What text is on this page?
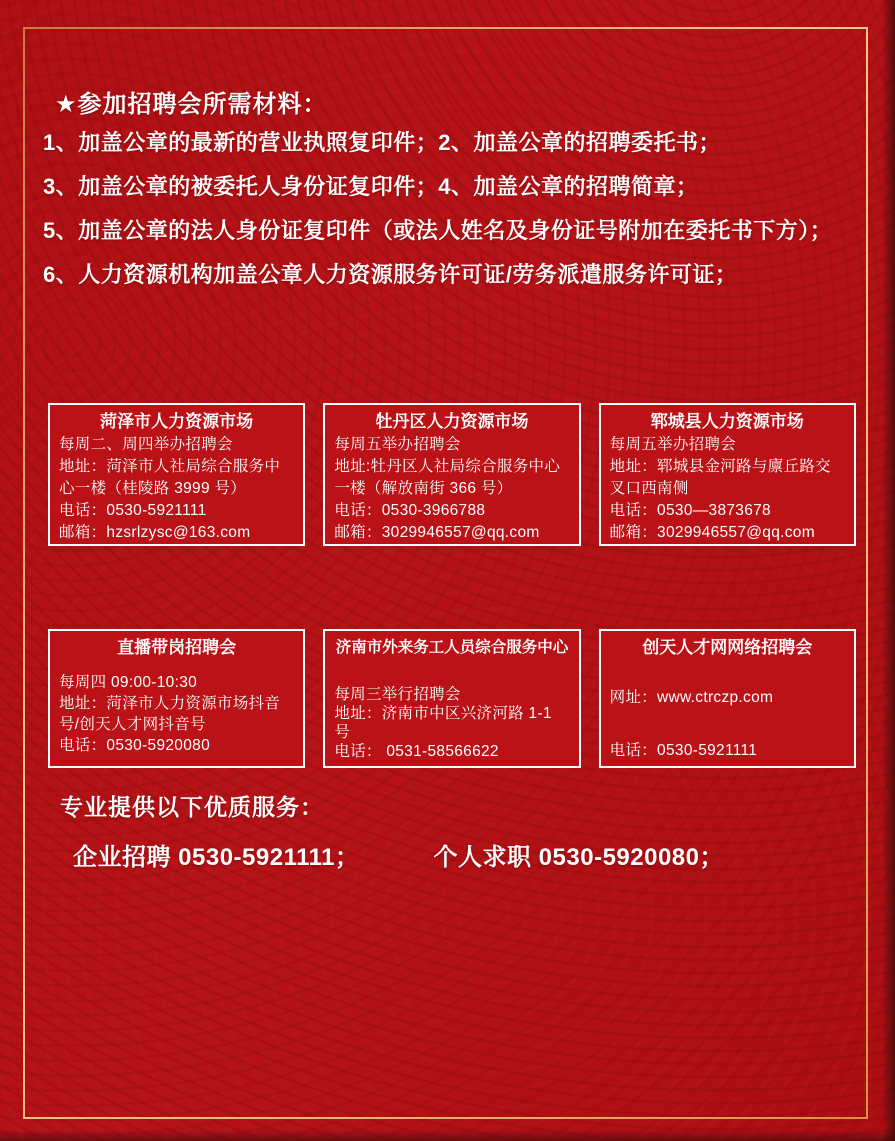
★参加招聘会所需材料：
1、加盖公章的最新的营业执照复印件；2、加盖公章的招聘委托书；
3、加盖公章的被委托人身份证复印件；4、加盖公章的招聘简章；
5、加盖公章的法人身份证复印件（或法人姓名及身份证号附加在委托书下方）；
6、人力资源机构加盖公章人力资源服务许可证/劳务派遣服务许可证；
菏泽市人力资源市场
每周二、周四举办招聘会
地址：菏泽市人社局综合服务中心一楼（桂陵路 3999 号）
电话：0530-5921111
邮箱：hzsrlzysc@163.com
牡丹区人力资源市场
每周五举办招聘会
地址:牡丹区人社局综合服务中心一楼（解放南街 366 号）
电话：0530-3966788
邮箱：3029946557@qq.com
郓城县人力资源市场
每周五举办招聘会
地址：郓城县金河路与廪丘路交叉口西南侧
电话：0530—3873678
邮箱：3029946557@qq.com
直播带岗招聘会
每周四 09:00-10:30
地址：菏泽市人力资源市场抖音号/创天人才网抖音号
电话：0530-5920080
济南市外来务工人员综合服务中心
每周三举行招聘会
地址：济南市中区兴济河路 1-1 号
电话： 0531-58566622
创天人才网网络招聘会
网址：www.ctrczp.com
电话：0530-5921111
专业提供以下优质服务：
企业招聘 0530-5921111；	个人求职 0530-5920080；
